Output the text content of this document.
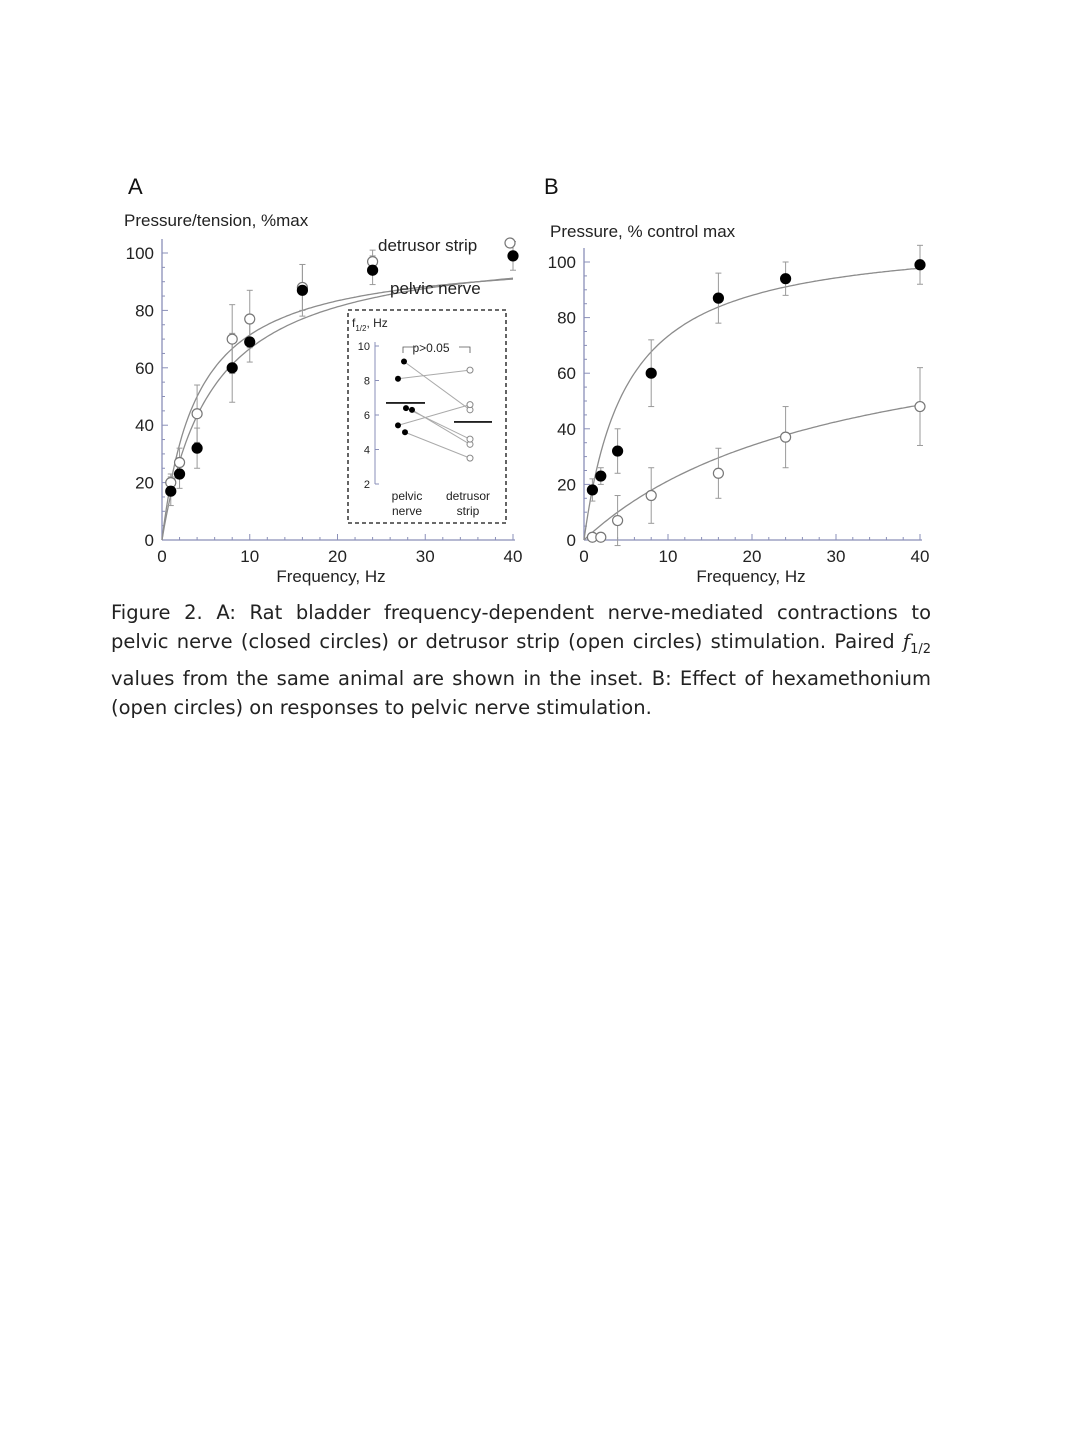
A	B
Pressure/tension, %max
Frequency, Hz
0
20
40
60
80
100
0	10	20	30	40
detrusor strip
pelvic nerve
$f_{1/2}$, Hz
p>0.05
pelvic
nerve
detrusor
strip
2
4
6
8
10
Pressure, % control max
Frequency, Hz
0
20
40
60
80
100
0	10	20	30	40
Figure 2. A: Rat bladder frequency-dependent nerve-mediated contractions to pelvic nerve (closed circles) or detrusor strip (open circles) stimulation. Paired $f_{1/2}$ values from the same animal are shown in the inset. B: Effect of hexamethonium (open circles) on responses to pelvic nerve stimulation.
